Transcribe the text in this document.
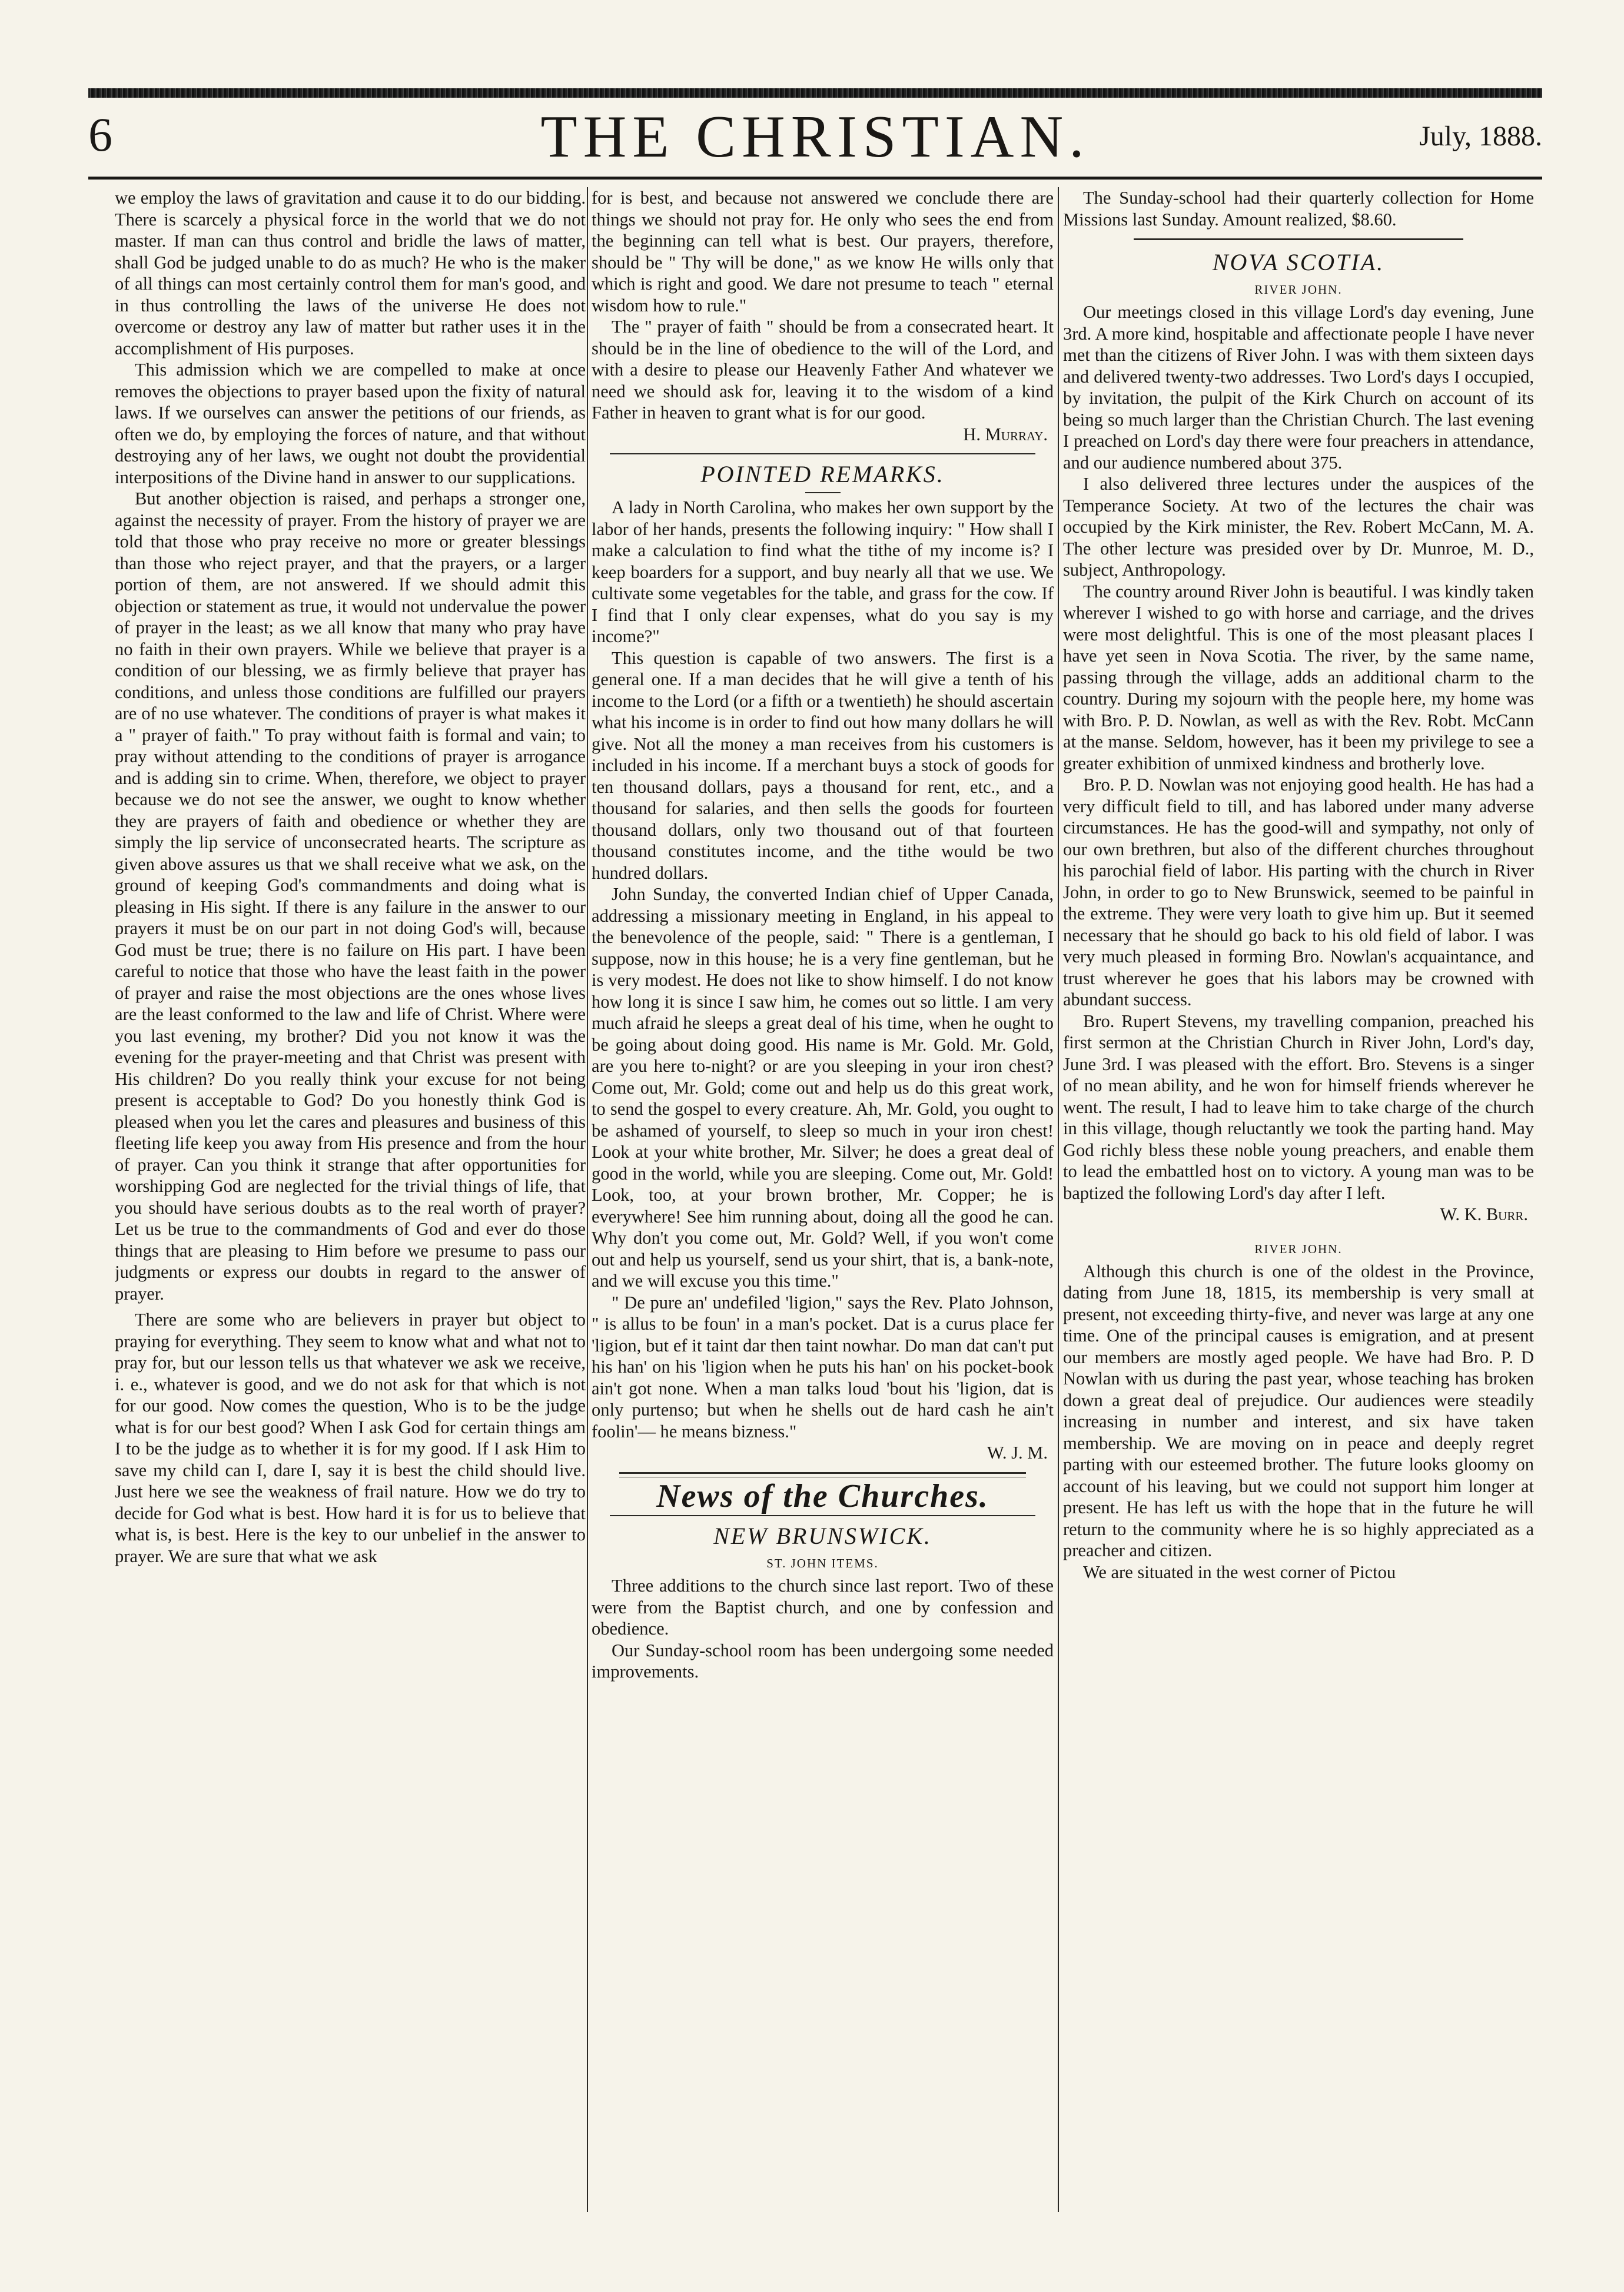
6	THE CHRISTIAN.	July, 1888.

we employ the laws of gravitation and cause it to do our bidding. There is scarcely a physical force in the world that we do not master. If man can thus control and bridle the laws of matter, shall God be judged unable to do as much? He who is the maker of all things can most certainly control them for man's good, and in thus controlling the laws of the universe He does not overcome or destroy any law of matter but rather uses it in the accomplishment of His purposes.

This admission which we are compelled to make at once removes the objections to prayer based upon the fixity of natural laws. If we ourselves can answer the petitions of our friends, as often we do, by employing the forces of nature, and that without destroying any of her laws, we ought not doubt the providential interpositions of the Divine hand in answer to our supplications.

But another objection is raised, and perhaps a stronger one, against the necessity of prayer. From the history of prayer we are told that those who pray receive no more or greater blessings than those who reject prayer, and that the prayers, or a larger portion of them, are not answered. If we should admit this objection or statement as true, it would not undervalue the power of prayer in the least; as we all know that many who pray have no faith in their own prayers. While we believe that prayer is a condition of our blessing, we as firmly believe that prayer has conditions, and unless those conditions are fulfilled our prayers are of no use whatever. The conditions of prayer is what makes it a " prayer of faith." To pray without faith is formal and vain; to pray without attending to the conditions of prayer is arrogance and is adding sin to crime. When, therefore, we object to prayer because we do not see the answer, we ought to know whether they are prayers of faith and obedience or whether they are simply the lip service of unconsecrated hearts. The scripture as given above assures us that we shall receive what we ask, on the ground of keeping God's commandments and doing what is pleasing in His sight. If there is any failure in the answer to our prayers it must be on our part in not doing God's will, because God must be true; there is no failure on His part. I have been careful to notice that those who have the least faith in the power of prayer and raise the most objections are the ones whose lives are the least conformed to the law and life of Christ. Where were you last evening, my brother? Did you not know it was the evening for the prayer-meeting and that Christ was present with His children? Do you really think your excuse for not being present is acceptable to God? Do you honestly think God is pleased when you let the cares and pleasures and business of this fleeting life keep you away from His presence and from the hour of prayer. Can you think it strange that after opportunities for worshipping God are neglected for the trivial things of life, that you should have serious doubts as to the real worth of prayer? Let us be true to the commandments of God and ever do those things that are pleasing to Him before we presume to pass our judgments or express our doubts in regard to the answer of prayer.

There are some who are believers in prayer but object to praying for everything. They seem to know what and what not to pray for, but our lesson tells us that whatever we ask we receive, i. e., whatever is good, and we do not ask for that which is not for our good. Now comes the question, Who is to be the judge what is for our best good? When I ask God for certain things am I to be the judge as to whether it is for my good. If I ask Him to save my child can I, dare I, say it is best the child should live. Just here we see the weakness of frail nature. How we do try to decide for God what is best. How hard it is for us to believe that what is, is best. Here is the key to our unbelief in the answer to prayer. We are sure that what we ask

for is best, and because not answered we conclude there are things we should not pray for. He only who sees the end from the beginning can tell what is best. Our prayers, therefore, should be " Thy will be done," as we know He wills only that which is right and good. We dare not presume to teach " eternal wisdom how to rule."

The " prayer of faith " should be from a consecrated heart. It should be in the line of obedience to the will of the Lord, and with a desire to please our Heavenly Father And whatever we need we should ask for, leaving it to the wisdom of a kind Father in heaven to grant what is for our good.

H. Murray.
POINTED REMARKS.

A lady in North Carolina, who makes her own support by the labor of her hands, presents the following inquiry: " How shall I make a calculation to find what the tithe of my income is? I keep boarders for a support, and buy nearly all that we use. We cultivate some vegetables for the table, and grass for the cow. If I find that I only clear expenses, what do you say is my income?"

This question is capable of two answers. The first is a general one. If a man decides that he will give a tenth of his income to the Lord (or a fifth or a twentieth) he should ascertain what his income is in order to find out how many dollars he will give. Not all the money a man receives from his customers is included in his income. If a merchant buys a stock of goods for ten thousand dollars, pays a thousand for rent, etc., and a thousand for salaries, and then sells the goods for fourteen thousand dollars, only two thousand out of that fourteen thousand constitutes income, and the tithe would be two hundred dollars.

John Sunday, the converted Indian chief of Upper Canada, addressing a missionary meeting in England, in his appeal to the benevolence of the people, said: " There is a gentleman, I suppose, now in this house; he is a very fine gentleman, but he is very modest. He does not like to show himself. I do not know how long it is since I saw him, he comes out so little. I am very much afraid he sleeps a great deal of his time, when he ought to be going about doing good. His name is Mr. Gold. Mr. Gold, are you here to-night? or are you sleeping in your iron chest? Come out, Mr. Gold; come out and help us do this great work, to send the gospel to every creature. Ah, Mr. Gold, you ought to be ashamed of yourself, to sleep so much in your iron chest! Look at your white brother, Mr. Silver; he does a great deal of good in the world, while you are sleeping. Come out, Mr. Gold! Look, too, at your brown brother, Mr. Copper; he is everywhere! See him running about, doing all the good he can. Why don't you come out, Mr. Gold? Well, if you won't come out and help us yourself, send us your shirt, that is, a bank-note, and we will excuse you this time."

" De pure an' undefiled 'ligion," says the Rev. Plato Johnson, " is allus to be foun' in a man's pocket. Dat is a curus place fer 'ligion, but ef it taint dar then taint nowhar. Do man dat can't put his han' on his 'ligion when he puts his han' on his pocket-book ain't got none. When a man talks loud 'bout his 'ligion, dat is only purtenso; but when he shells out de hard cash he ain't foolin'— he means bizness."

W. J. M.
News of the Churches.
NEW BRUNSWICK.
ST. JOHN ITEMS.

Three additions to the church since last report. Two of these were from the Baptist church, and one by confession and obedience.

Our Sunday-school room has been undergoing some needed improvements.

The Sunday-school had their quarterly collection for Home Missions last Sunday. Amount realized, $8.60.

NOVA SCOTIA.
RIVER JOHN.

Our meetings closed in this village Lord's day evening, June 3rd. A more kind, hospitable and affectionate people I have never met than the citizens of River John. I was with them sixteen days and delivered twenty-two addresses. Two Lord's days I occupied, by invitation, the pulpit of the Kirk Church on account of its being so much larger than the Christian Church. The last evening I preached on Lord's day there were four preachers in attendance, and our audience numbered about 375.

I also delivered three lectures under the auspices of the Temperance Society. At two of the lectures the chair was occupied by the Kirk minister, the Rev. Robert McCann, M. A. The other lecture was presided over by Dr. Munroe, M. D., subject, Anthropology.

The country around River John is beautiful. I was kindly taken wherever I wished to go with horse and carriage, and the drives were most delightful. This is one of the most pleasant places I have yet seen in Nova Scotia. The river, by the same name, passing through the village, adds an additional charm to the country. During my sojourn with the people here, my home was with Bro. P. D. Nowlan, as well as with the Rev. Robt. McCann at the manse. Seldom, however, has it been my privilege to see a greater exhibition of unmixed kindness and brotherly love.

Bro. P. D. Nowlan was not enjoying good health. He has had a very difficult field to till, and has labored under many adverse circumstances. He has the good-will and sympathy, not only of our own brethren, but also of the different churches throughout his parochial field of labor. His parting with the church in River John, in order to go to New Brunswick, seemed to be painful in the extreme. They were very loath to give him up. But it seemed necessary that he should go back to his old field of labor. I was very much pleased in forming Bro. Nowlan's acquaintance, and trust wherever he goes that his labors may be crowned with abundant success.

Bro. Rupert Stevens, my travelling companion, preached his first sermon at the Christian Church in River John, Lord's day, June 3rd. I was pleased with the effort. Bro. Stevens is a singer of no mean ability, and he won for himself friends wherever he went. The result, I had to leave him to take charge of the church in this village, though reluctantly we took the parting hand. May God richly bless these noble young preachers, and enable them to lead the embattled host on to victory. A young man was to be baptized the following Lord's day after I left.

W. K. Burr.
RIVER JOHN.

Although this church is one of the oldest in the Province, dating from June 18, 1815, its membership is very small at present, not exceeding thirty-five, and never was large at any one time. One of the principal causes is emigration, and at present our members are mostly aged people. We have had Bro. P. D Nowlan with us during the past year, whose teaching has broken down a great deal of prejudice. Our audiences were steadily increasing in number and interest, and six have taken membership. We are moving on in peace and deeply regret parting with our esteemed brother. The future looks gloomy on account of his leaving, but we could not support him longer at present. He has left us with the hope that in the future he will return to the community where he is so highly appreciated as a preacher and citizen.

We are situated in the west corner of Pictou
